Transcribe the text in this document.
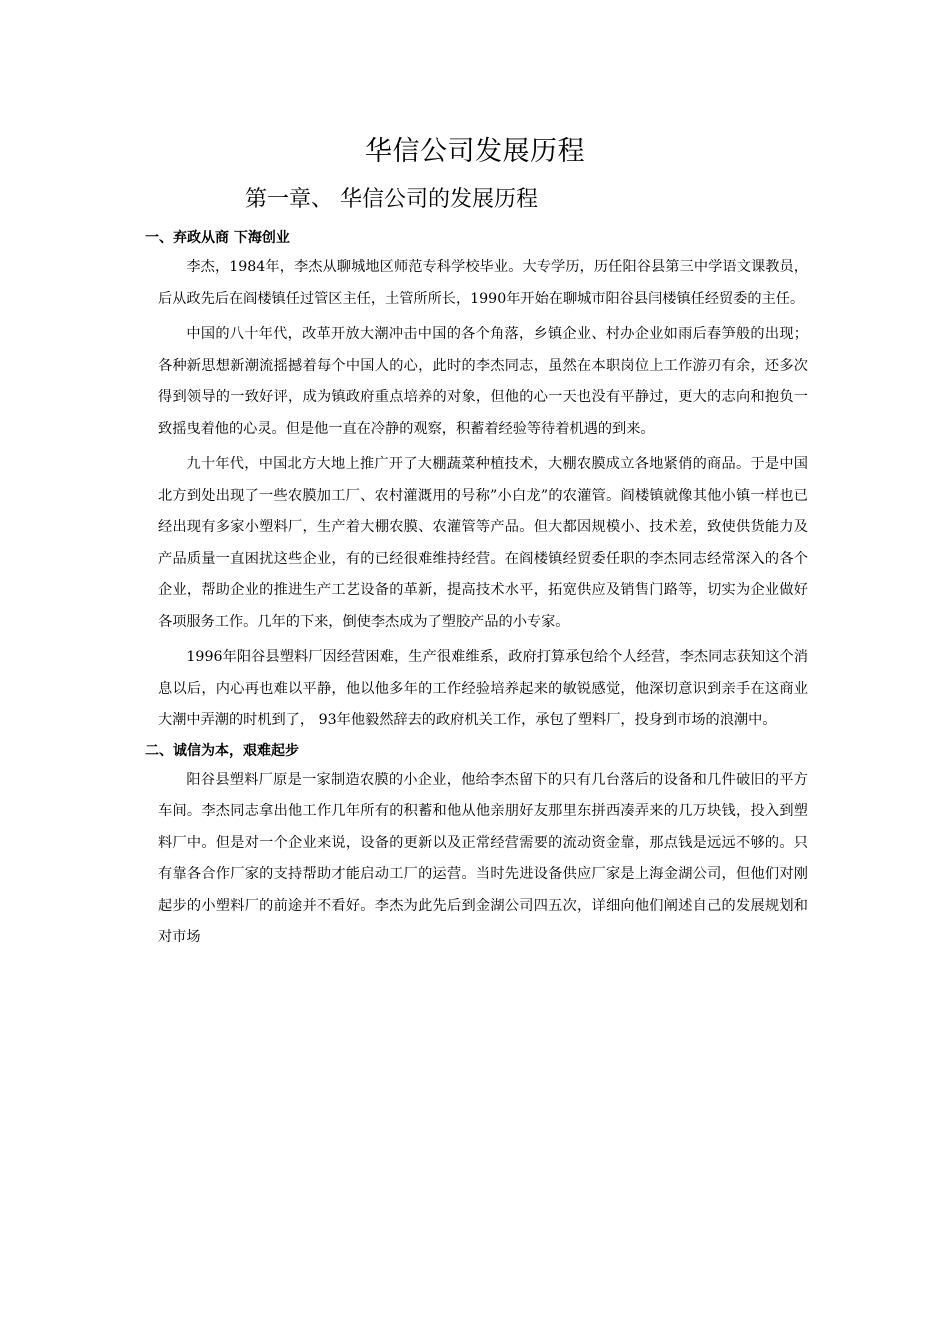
华信公司发展历程
第一章、 华信公司的发展历程
一、弃政从商 下海创业

李杰，1984年，李杰从聊城地区师范专科学校毕业。大专学历，历任阳谷县第三中学语文课教员，后从政先后在阎楼镇任过管区主任，土管所所长，1990年开始在聊城市阳谷县闫楼镇任经贸委的主任。

中国的八十年代，改革开放大潮冲击中国的各个角落，乡镇企业、村办企业如雨后春笋般的出现；各种新思想新潮流摇撼着每个中国人的心，此时的李杰同志，虽然在本职岗位上工作游刃有余，还多次得到领导的一致好评，成为镇政府重点培养的对象，但他的心一天也没有平静过，更大的志向和抱负一致摇曳着他的心灵。但是他一直在冷静的观察，积蓄着经验等待着机遇的到来。

九十年代，中国北方大地上推广开了大棚蔬菜种植技术，大棚农膜成立各地紧俏的商品。于是中国北方到处出现了一些农膜加工厂、农村灌溉用的号称”小白龙”的农灌管。阎楼镇就像其他小镇一样也已经出现有多家小塑料厂，生产着大棚农膜、农灌管等产品。但大都因规模小、技术差，致使供货能力及产品质量一直困扰这些企业，有的已经很难维持经营。在阎楼镇经贸委任职的李杰同志经常深入的各个企业，帮助企业的推进生产工艺设备的革新，提高技术水平，拓宽供应及销售门路等，切实为企业做好各项服务工作。几年的下来，倒使李杰成为了塑胶产品的小专家。

1996年阳谷县塑料厂因经营困难，生产很难维系，政府打算承包给个人经营，李杰同志获知这个消息以后，内心再也难以平静，他以他多年的工作经验培养起来的敏锐感觉，他深切意识到亲手在这商业大潮中弄潮的时机到了， 93年他毅然辞去的政府机关工作，承包了塑料厂，投身到市场的浪潮中。

二、诚信为本，艰难起步

阳谷县塑料厂原是一家制造农膜的小企业，他给李杰留下的只有几台落后的设备和几件破旧的平方车间。李杰同志拿出他工作几年所有的积蓄和他从他亲朋好友那里东拼西凑弄来的几万块钱，投入到塑料厂中。但是对一个企业来说，设备的更新以及正常经营需要的流动资金靠，那点钱是远远不够的。只有靠各合作厂家的支持帮助才能启动工厂的运营。当时先进设备供应厂家是上海金湖公司，但他们对刚起步的小塑料厂的前途并不看好。李杰为此先后到金湖公司四五次，详细向他们阐述自己的发展规划和对市场
